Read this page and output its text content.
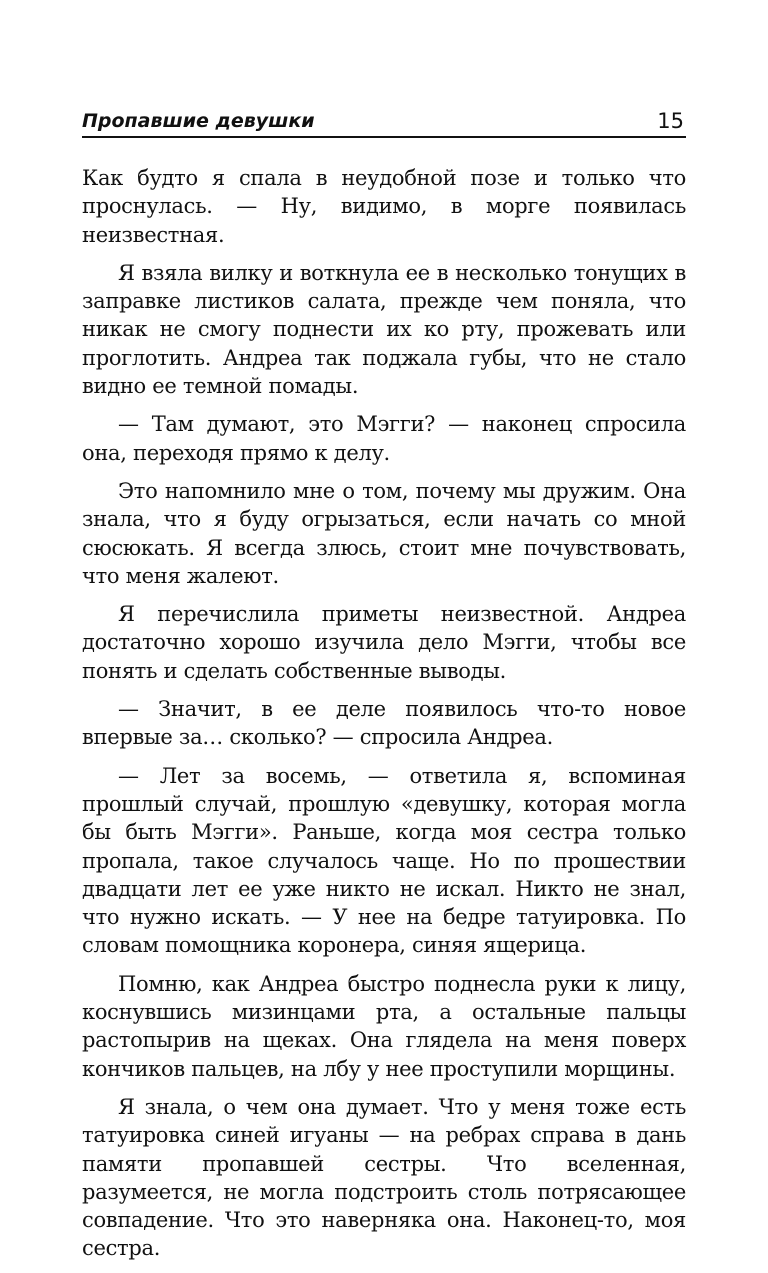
Пропавшие девушки	15

Как будто я спала в неудобной позе и только что проснулась. — Ну, видимо, в морге появилась неизвестная.

Я взяла вилку и воткнула ее в несколько тонущих в заправке листиков салата, прежде чем поняла, что никак не смогу поднести их ко рту, прожевать или проглотить. Андреа так поджала губы, что не стало видно ее темной помады.

— Там думают, это Мэгги? — наконец спросила она, переходя прямо к делу.

Это напомнило мне о том, почему мы дружим. Она знала, что я буду огрызаться, если начать со мной сюсюкать. Я всегда злюсь, стоит мне почувствовать, что меня жалеют.

Я перечислила приметы неизвестной. Андреа достаточно хорошо изучила дело Мэгги, чтобы все понять и сделать собственные выводы.

— Значит, в ее деле появилось что-то новое впервые за… сколько? — спросила Андреа.

— Лет за восемь, — ответила я, вспоминая прошлый случай, прошлую «девушку, которая могла бы быть Мэгги». Раньше, когда моя сестра только пропала, такое случалось чаще. Но по прошествии двадцати лет ее уже никто не искал. Никто не знал, что нужно искать. — У нее на бедре татуировка. По словам помощника коронера, синяя ящерица.

Помню, как Андреа быстро поднесла руки к лицу, коснувшись мизинцами рта, а остальные пальцы растопырив на щеках. Она глядела на меня поверх кончиков пальцев, на лбу у нее проступили морщины.

Я знала, о чем она думает. Что у меня тоже есть татуировка синей игуаны — на ребрах справа в дань памяти пропавшей сестры. Что вселенная, разумеется, не могла подстроить столь потрясающее совпадение. Что это наверняка она. Наконец-то, моя сестра.
